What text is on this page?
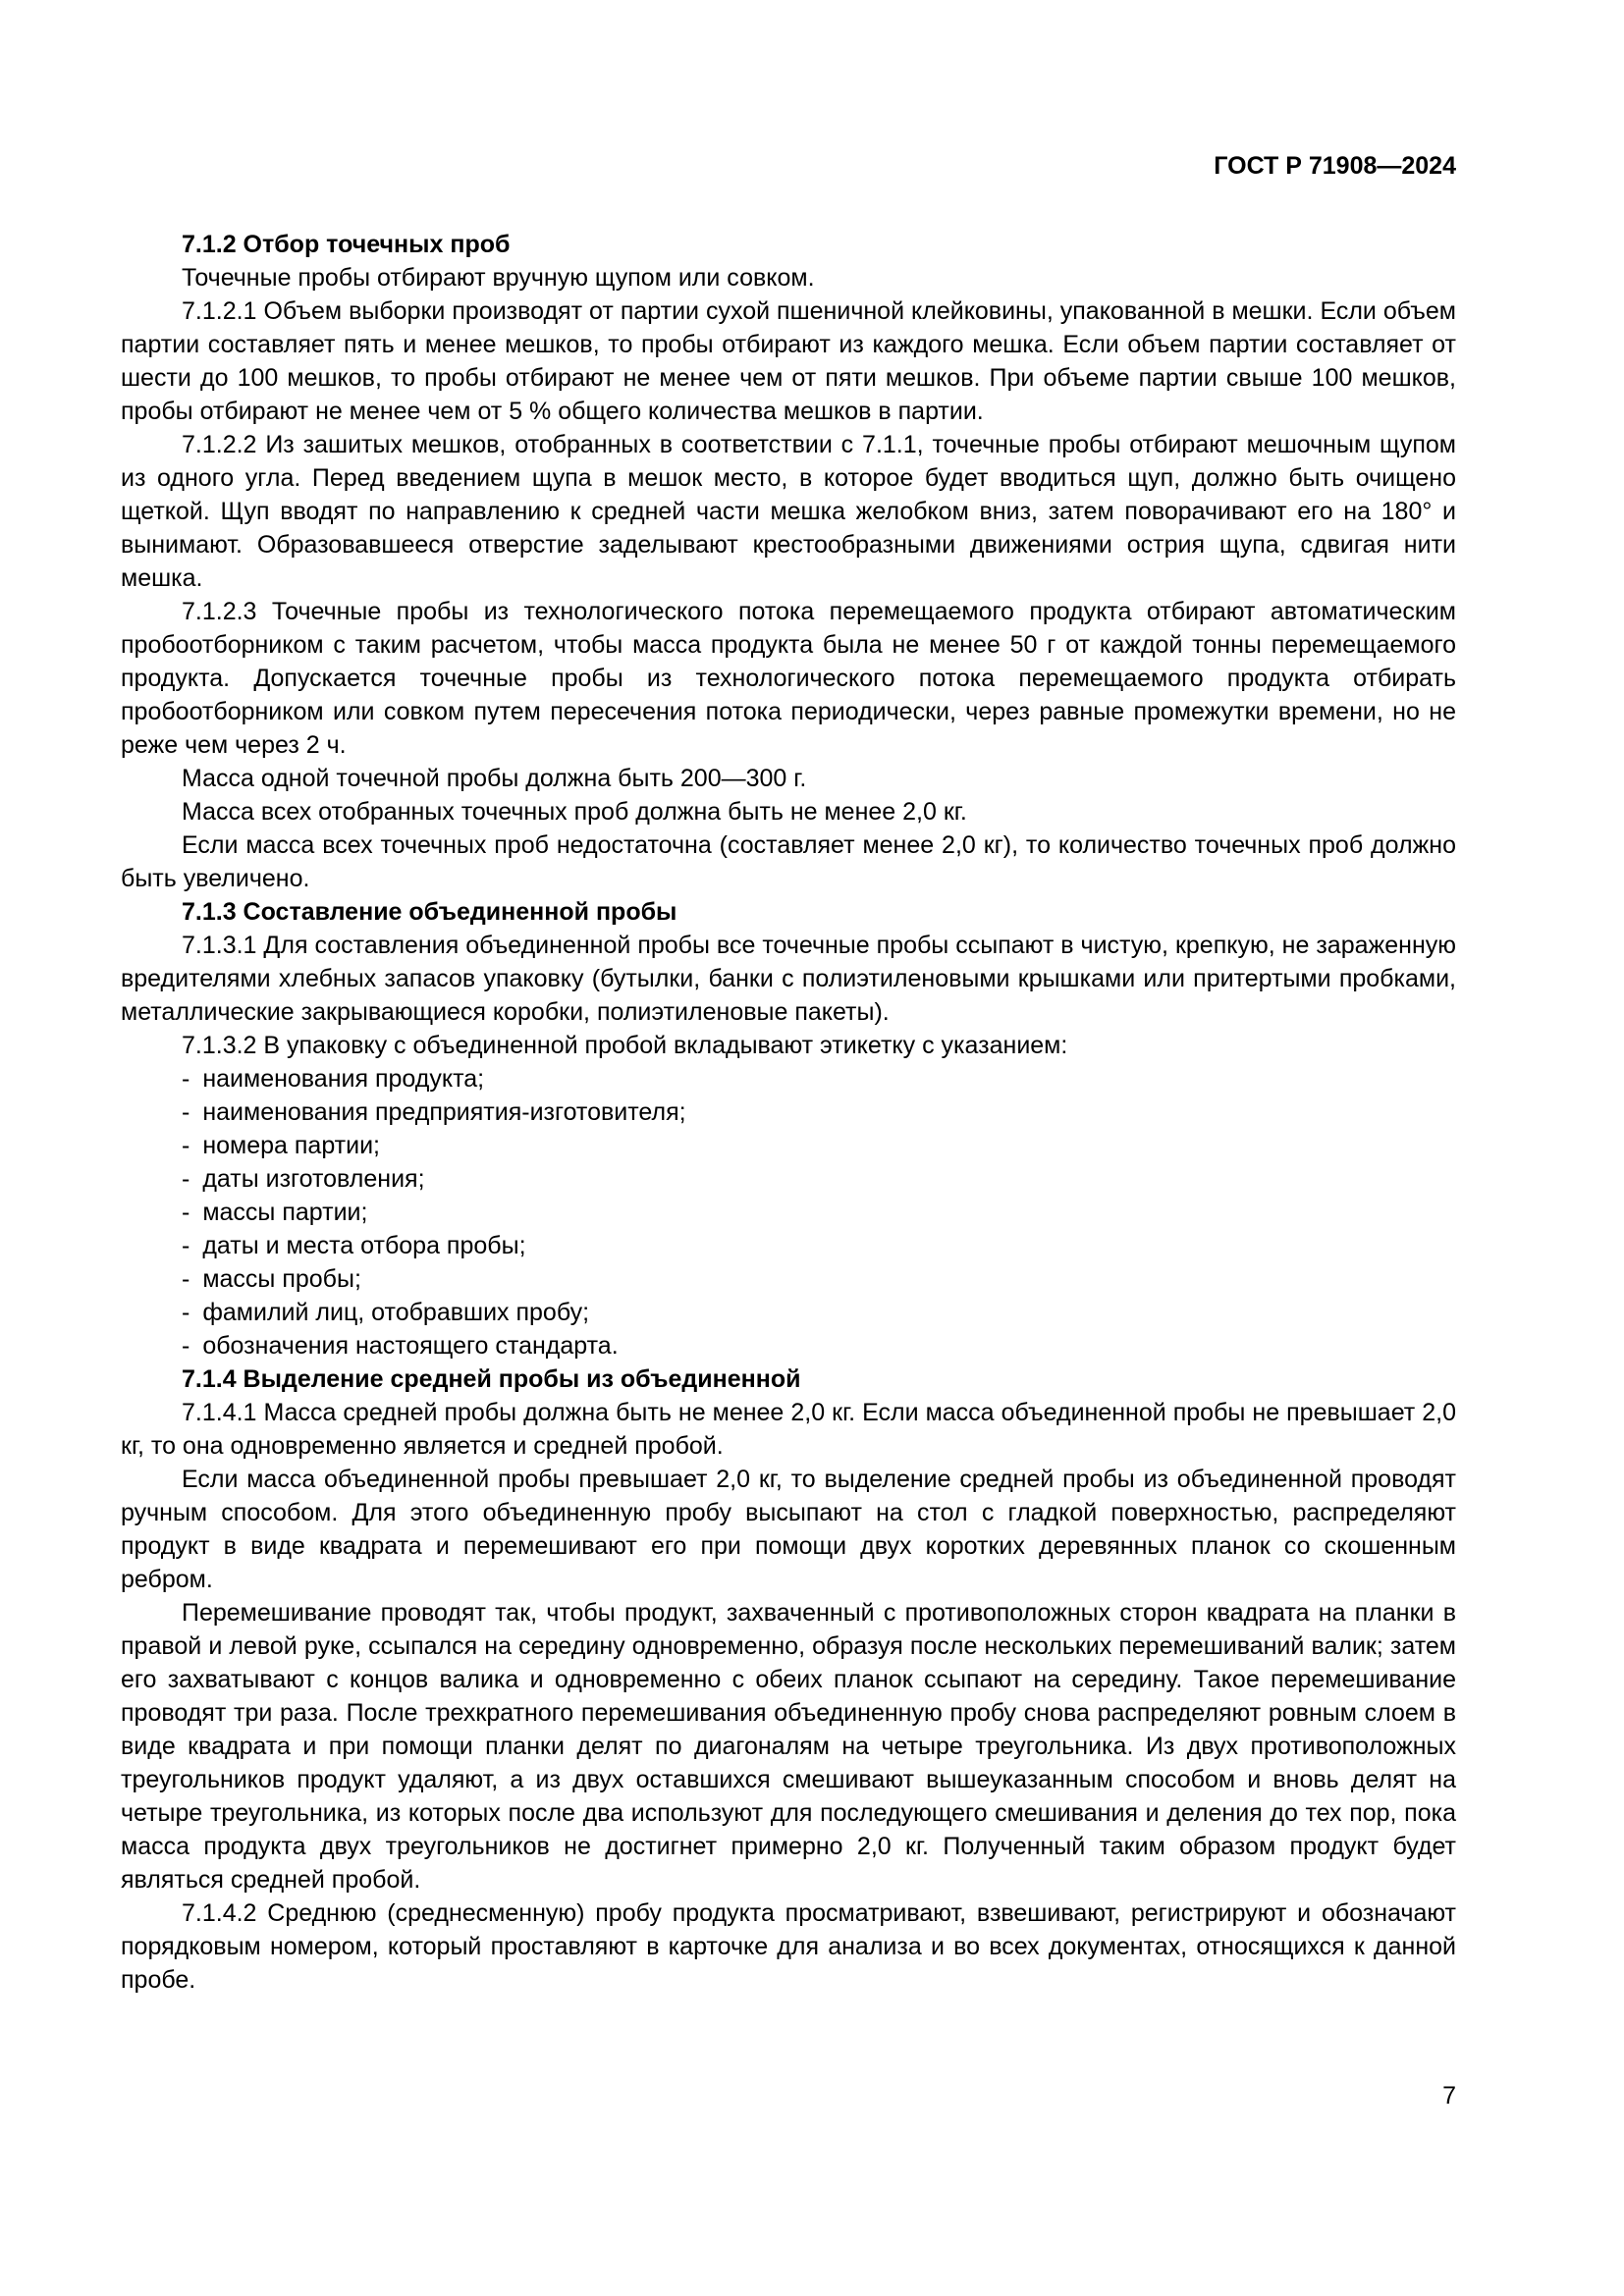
ГОСТ Р 71908—2024
7.1.2 Отбор точечных проб
Точечные пробы отбирают вручную щупом или совком.
7.1.2.1 Объем выборки производят от партии сухой пшеничной клейковины, упакованной в мешки. Если объем партии составляет пять и менее мешков, то пробы отбирают из каждого мешка. Если объем партии составляет от шести до 100 мешков, то пробы отбирают не менее чем от пяти мешков. При объеме партии свыше 100 мешков, пробы отбирают не менее чем от 5 % общего количества мешков в партии.
7.1.2.2 Из зашитых мешков, отобранных в соответствии с 7.1.1, точечные пробы отбирают мешочным щупом из одного угла. Перед введением щупа в мешок место, в которое будет вводиться щуп, должно быть очищено щеткой. Щуп вводят по направлению к средней части мешка желобком вниз, затем поворачивают его на 180° и вынимают. Образовавшееся отверстие заделывают крестообразными движениями острия щупа, сдвигая нити мешка.
7.1.2.3 Точечные пробы из технологического потока перемещаемого продукта отбирают автоматическим пробоотборником с таким расчетом, чтобы масса продукта была не менее 50 г от каждой тонны перемещаемого продукта. Допускается точечные пробы из технологического потока перемещаемого продукта отбирать пробоотборником или совком путем пересечения потока периодически, через равные промежутки времени, но не реже чем через 2 ч.
Масса одной точечной пробы должна быть 200—300 г.
Масса всех отобранных точечных проб должна быть не менее 2,0 кг.
Если масса всех точечных проб недостаточна (составляет менее 2,0 кг), то количество точечных проб должно быть увеличено.
7.1.3 Составление объединенной пробы
7.1.3.1 Для составления объединенной пробы все точечные пробы ссыпают в чистую, крепкую, не зараженную вредителями хлебных запасов упаковку (бутылки, банки с полиэтиленовыми крышками или притертыми пробками, металлические закрывающиеся коробки, полиэтиленовые пакеты).
7.1.3.2 В упаковку с объединенной пробой вкладывают этикетку с указанием:
- наименования продукта;
- наименования предприятия-изготовителя;
- номера партии;
- даты изготовления;
- массы партии;
- даты и места отбора пробы;
- массы пробы;
- фамилий лиц, отобравших пробу;
- обозначения настоящего стандарта.
7.1.4 Выделение средней пробы из объединенной
7.1.4.1 Масса средней пробы должна быть не менее 2,0 кг. Если масса объединенной пробы не превышает 2,0 кг, то она одновременно является и средней пробой.
Если масса объединенной пробы превышает 2,0 кг, то выделение средней пробы из объединенной проводят ручным способом. Для этого объединенную пробу высыпают на стол с гладкой поверхностью, распределяют продукт в виде квадрата и перемешивают его при помощи двух коротких деревянных планок со скошенным ребром.
Перемешивание проводят так, чтобы продукт, захваченный с противоположных сторон квадрата на планки в правой и левой руке, ссыпался на середину одновременно, образуя после нескольких перемешиваний валик; затем его захватывают с концов валика и одновременно с обеих планок ссыпают на середину. Такое перемешивание проводят три раза. После трехкратного перемешивания объединенную пробу снова распределяют ровным слоем в виде квадрата и при помощи планки делят по диагоналям на четыре треугольника. Из двух противоположных треугольников продукт удаляют, а из двух оставшихся смешивают вышеуказанным способом и вновь делят на четыре треугольника, из которых после два используют для последующего смешивания и деления до тех пор, пока масса продукта двух треугольников не достигнет примерно 2,0 кг. Полученный таким образом продукт будет являться средней пробой.
7.1.4.2 Среднюю (среднесменную) пробу продукта просматривают, взвешивают, регистрируют и обозначают порядковым номером, который проставляют в карточке для анализа и во всех документах, относящихся к данной пробе.
7
